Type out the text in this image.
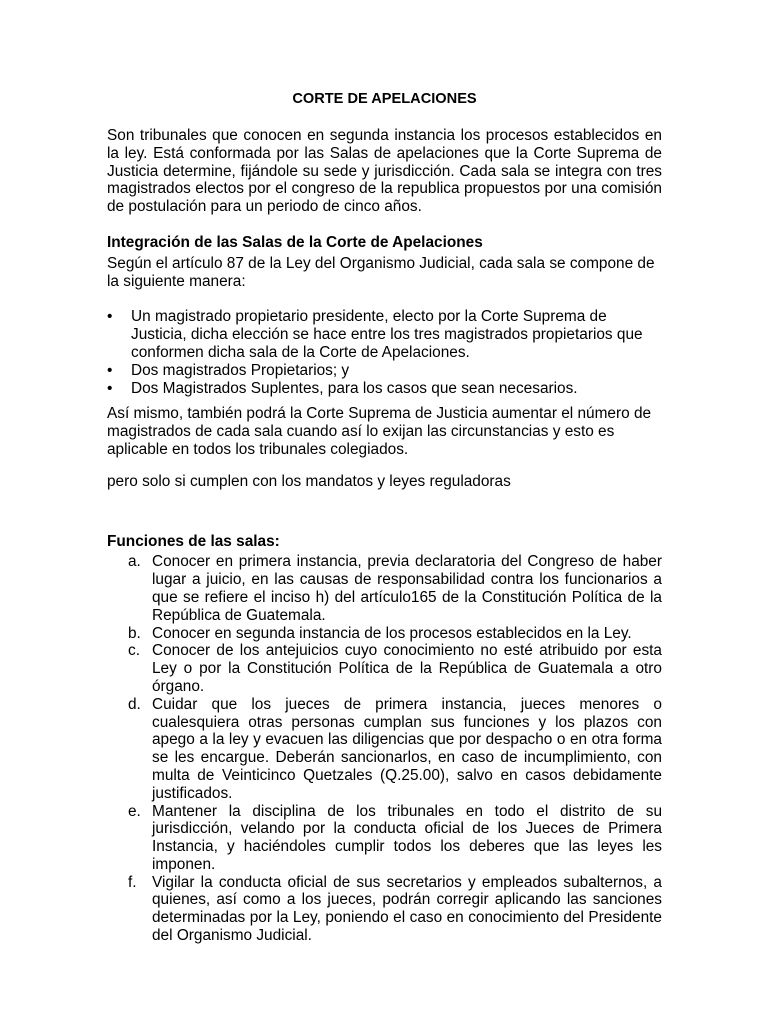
CORTE DE APELACIONES

Son tribunales que conocen en segunda instancia los procesos establecidos en la ley. Está conformada por las Salas de apelaciones que la Corte Suprema de Justicia determine, fijándole su sede y jurisdicción. Cada sala se integra con tres magistrados electos por el congreso de la republica propuestos por una comisión de postulación para un periodo de cinco años.

Integración de las Salas de la Corte de Apelaciones

Según el artículo 87 de la Ley del Organismo Judicial, cada sala se compone de la siguiente manera:

• Un magistrado propietario presidente, electo por la Corte Suprema de Justicia, dicha elección se hace entre los tres magistrados propietarios que conformen dicha sala de la Corte de Apelaciones.
• Dos magistrados Propietarios; y
• Dos Magistrados Suplentes, para los casos que sean necesarios.

Así mismo, también podrá la Corte Suprema de Justicia aumentar el número de magistrados de cada sala cuando así lo exijan las circunstancias y esto es aplicable en todos los tribunales colegiados.

pero solo si cumplen con los mandatos y leyes reguladoras

Funciones de las salas:
a. Conocer en primera instancia, previa declaratoria del Congreso de haber lugar a juicio, en las causas de responsabilidad contra los funcionarios a que se refiere el inciso h) del artículo165 de la Constitución Política de la República de Guatemala.
b. Conocer en segunda instancia de los procesos establecidos en la Ley.
c. Conocer de los antejuicios cuyo conocimiento no esté atribuido por esta Ley o por la Constitución Política de la República de Guatemala a otro órgano.
d. Cuidar que los jueces de primera instancia, jueces menores o cualesquiera otras personas cumplan sus funciones y los plazos con apego a la ley y evacuen las diligencias que por despacho o en otra forma se les encargue. Deberán sancionarlos, en caso de incumplimiento, con multa de Veinticinco Quetzales (Q.25.00), salvo en casos debidamente justificados.
e. Mantener la disciplina de los tribunales en todo el distrito de su jurisdicción, velando por la conducta oficial de los Jueces de Primera Instancia, y haciéndoles cumplir todos los deberes que las leyes les imponen.
f. Vigilar la conducta oficial de sus secretarios y empleados subalternos, a quienes, así como a los jueces, podrán corregir aplicando las sanciones determinadas por la Ley, poniendo el caso en conocimiento del Presidente del Organismo Judicial.
